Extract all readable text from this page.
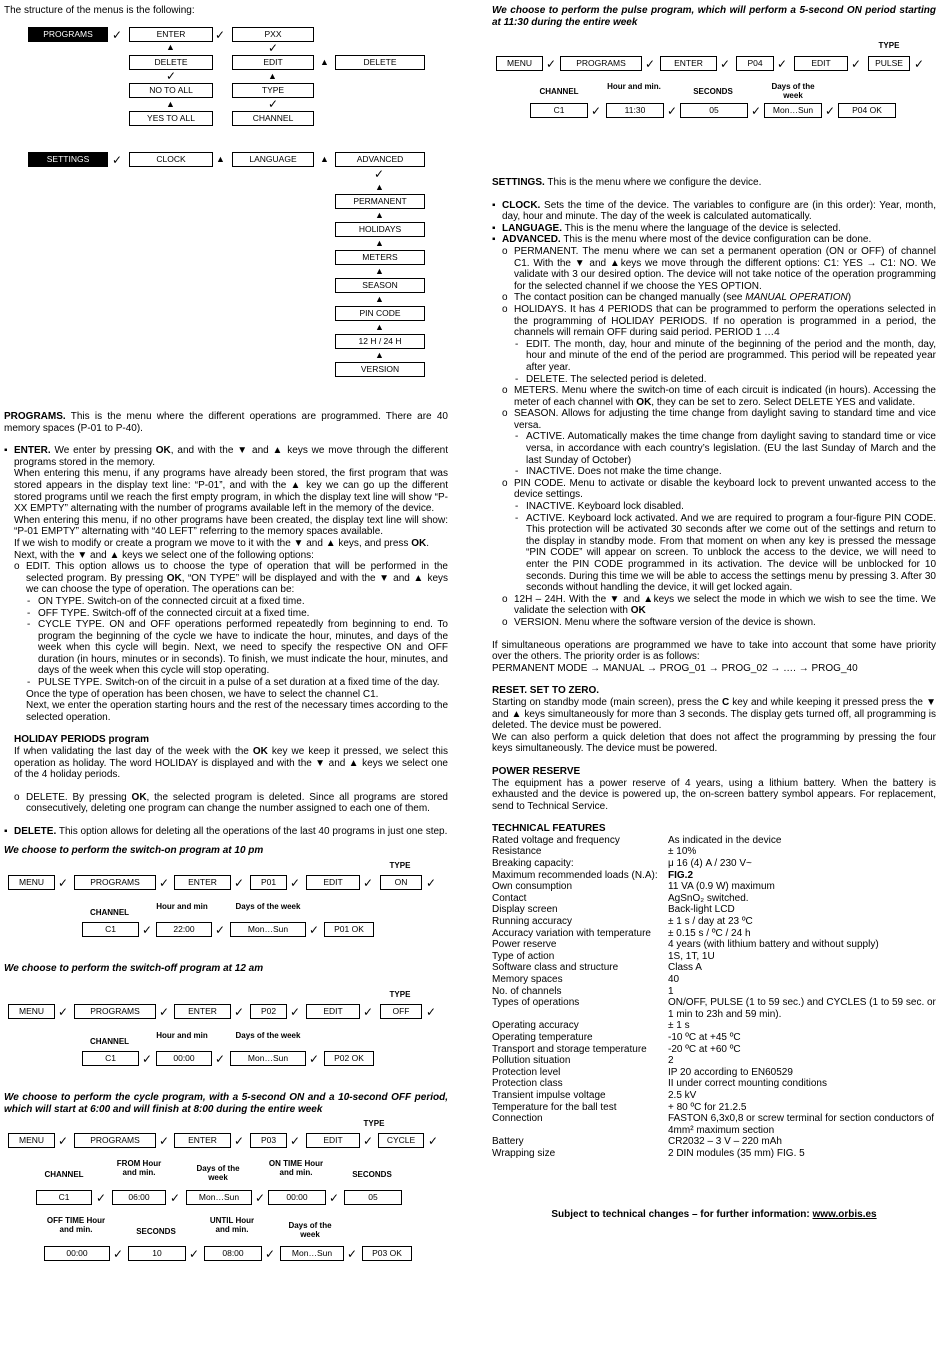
The structure of the menus is the following:

PROGRAMS	✓	ENTER	✓	PXX
▲	✓
DELETE	EDIT	▲	DELETE
✓	▲
NO TO ALL	TYPE
▲	✓
YES TO ALL	CHANNEL
SETTINGS	✓	CLOCK	▲	LANGUAGE	▲	ADVANCED
✓
▲
PERMANENT
▲
HOLIDAYS
▲
METERS
▲
SEASON
▲
PIN CODE
▲
12 H / 24 H
▲
VERSION

PROGRAMS. This is the menu where the different operations are programmed. There are 40 memory spaces (P-01 to P-40).

▪ ENTER. We enter by pressing OK, and with the ▼ and ▲ keys we move through the different programs stored in the memory.

When entering this menu, if any programs have already been stored, the first program that was stored appears in the display text line: “P-01”, and with the ▲ key we can go up the different stored programs until we reach the first empty program, in which the display text line will show “P-XX EMPTY” alternating with the number of programs available left in the memory of the device.

When entering this menu, if no other programs have been created, the display text line will show: “P-01 EMPTY” alternating with “40 LEFT” referring to the memory spaces available.

If we wish to modify or create a program we move to it with the ▼ and ▲ keys, and press OK.

Next, with the ▼ and ▲ keys we select one of the following options:

o EDIT. This option allows us to choose the type of operation that will be performed in the selected program. By pressing OK, “ON TYPE” will be displayed and with the ▼ and ▲ keys we can choose the type of operation. The operations can be:

- ON TYPE. Switch-on of the connected circuit at a fixed time.

- OFF TYPE. Switch-off of the connected circuit at a fixed time.

- CYCLE TYPE. ON and OFF operations performed repeatedly from beginning to end. To program the beginning of the cycle we have to indicate the hour, minutes, and days of the week when this cycle will begin. Next, we need to specify the respective ON and OFF duration (in hours, minutes or in seconds). To finish, we must indicate the hour, minutes, and days of the week when this cycle will stop operating.

- PULSE TYPE. Switch-on of the circuit in a pulse of a set duration at a fixed time of the day.

Once the type of operation has been chosen, we have to select the channel C1.

Next, we enter the operation starting hours and the rest of the necessary times according to the selected operation.

HOLIDAY PERIODS program

If when validating the last day of the week with the OK key we keep it pressed, we select this operation as holiday. The word HOLIDAY is displayed and with the ▼ and ▲ keys we select one of the 4 holiday periods.

o DELETE. By pressing OK, the selected program is deleted. Since all programs are stored consecutively, deleting one program can change the number assigned to each one of them.

▪ DELETE. This option allows for deleting all the operations of the last 40 programs in just one step.

We choose to perform the switch-on program at 10 pm

TYPE
MENU	✓	PROGRAMS	✓	ENTER	✓	P01	✓	EDIT	✓	ON	✓
CHANNEL
Hour and min	Days of the week
C1	✓	22:00	✓	Mon…Sun	✓	P01 OK

We choose to perform the switch-off program at 12 am

TYPE
MENU	✓	PROGRAMS	✓	ENTER	✓	P02	✓	EDIT	✓	OFF	✓
CHANNEL
Hour and min	Days of the week
C1	✓	00:00	✓	Mon…Sun	✓	P02 OK

We choose to perform the cycle program, with a 5-second ON and a 10-second OFF period, which will start at 6:00 and will finish at 8:00 during the entire week

TYPE
MENU	✓	PROGRAMS	✓	ENTER	✓	P03	✓	EDIT	✓	CYCLE	✓
CHANNEL
FROM Hour and min.	Days of the week
ON TIME Hour and min.	SECONDS
C1	✓	06:00	✓	Mon…Sun	✓	00:00	✓	05
OFF TIME Hour and min.	SECONDS
UNTIL Hour and min.	Days of the week
00:00	✓	10	✓	08:00	✓	Mon…Sun	✓	P03 OK

We choose to perform the pulse program, which will perform a 5-second ON period starting at 11:30 during the entire week

TYPE
MENU	✓	PROGRAMS	✓	ENTER	✓	P04	✓	EDIT	✓	PULSE ✓
CHANNEL
Hour and min.
SECONDS
Days of the week
C1	✓	11:30	✓	05	✓	Mon…Sun ✓	P04 OK

SETTINGS. This is the menu where we configure the device.

▪ CLOCK. Sets the time of the device. The variables to configure are (in this order): Year, month, day, hour and minute. The day of the week is calculated automatically.

▪ LANGUAGE. This is the menu where the language of the device is selected.

▪ ADVANCED. This is the menu where most of the device configuration can be done.

o PERMANENT. The menu where we can set a permanent operation (ON or OFF) of channel C1. With the ▼ and ▲keys we move through the different options: C1: YES → C1: NO. We validate with 3 our desired option. The device will not take notice of the operation programming for the selected channel if we choose the YES OPTION.

o The contact position can be changed manually (see MANUAL OPERATION)

o HOLIDAYS. It has 4 PERIODS that can be programmed to perform the operations selected in the programming of HOLIDAY PERIODS. If no operation is programmed in a period, the channels will remain OFF during said period. PERIOD 1 …4

- EDIT. The month, day, hour and minute of the beginning of the period and the month, day, hour and minute of the end of the period are programmed. This period will be repeated year after year.

- DELETE. The selected period is deleted.

o METERS. Menu where the switch-on time of each circuit is indicated (in hours). Accessing the meter of each channel with OK, they can be set to zero. Select DELETE YES and validate.

o SEASON. Allows for adjusting the time change from daylight saving to standard time and vice versa.

- ACTIVE. Automatically makes the time change from daylight saving to standard time or vice versa, in accordance with each country’s legislation. (EU the last Sunday of March and the last Sunday of October)

- INACTIVE. Does not make the time change.

o PIN CODE. Menu to activate or disable the keyboard lock to prevent unwanted access to the device settings.

- INACTIVE. Keyboard lock disabled.

- ACTIVE. Keyboard lock activated. And we are required to program a four-figure PIN CODE. This protection will be activated 30 seconds after we come out of the settings and return to the display in standby mode. From that moment on when any key is pressed the message “PIN CODE” will appear on screen. To unblock the access to the device, we will need to enter the PIN CODE programmed in its activation. The device will be unblocked for 10 seconds. During this time we will be able to access the settings menu by pressing 3. After 30 seconds without handling the device, it will get locked again.

o 12H – 24H. With the ▼ and ▲keys we select the mode in which we wish to see the time. We validate the selection with OK

o VERSION. Menu where the software version of the device is shown.

If simultaneous operations are programmed we have to take into account that some have priority over the others. The priority order is as follows:

PERMANENT MODE → MANUAL → PROG_01 → PROG_02 → …. → PROG_40

RESET. SET TO ZERO.

Starting on standby mode (main screen), press the C key and while keeping it pressed press the ▼ and ▲ keys simultaneously for more than 3 seconds. The display gets turned off, all programming is deleted. The device must be powered.

We can also perform a quick deletion that does not affect the programming by pressing the four keys simultaneously. The device must be powered.

POWER RESERVE

The equipment has a power reserve of 4 years, using a lithium battery. When the battery is exhausted and the device is powered up, the on-screen battery symbol appears. For replacement, send to Technical Service.

TECHNICAL FEATURES

Rated voltage and frequency	As indicated in the device
Resistance	± 10%
Breaking capacity:	μ 16 (4) A / 230 V~
Maximum recommended loads (N.A):	FIG.2
Own consumption	11 VA (0.9 W) maximum
Contact	AgSnO₂ switched.
Display screen	Back-light LCD
Running accuracy	± 1 s / day at 23 ºC
Accuracy variation with temperature	± 0.15 s / ºC / 24 h
Power reserve	4 years (with lithium battery and without supply)
Type of action	1S, 1T, 1U
Software class and structure	Class A
Memory spaces	40
No. of channels	1
Types of operations	ON/OFF, PULSE (1 to 59 sec.) and CYCLES (1 to 59 sec. or 1 min to 23h and 59 min).
Operating accuracy	± 1 s
Operating temperature	-10 ºC at +45 ºC
Transport and storage temperature	-20 ºC at +60 ºC
Pollution situation	2
Protection level	IP 20 according to EN60529
Protection class	II under correct mounting conditions
Transient impulse voltage	2.5 kV
Temperature for the ball test	+ 80 ºC for 21.2.5
Connection	FASTON 6,3x0,8 or screw terminal for section conductors of 4mm² maximum section
Battery	CR2032 – 3 V – 220 mAh
Wrapping size	2 DIN modules (35 mm) FIG. 5
Subject to technical changes – for further information: www.orbis.es
